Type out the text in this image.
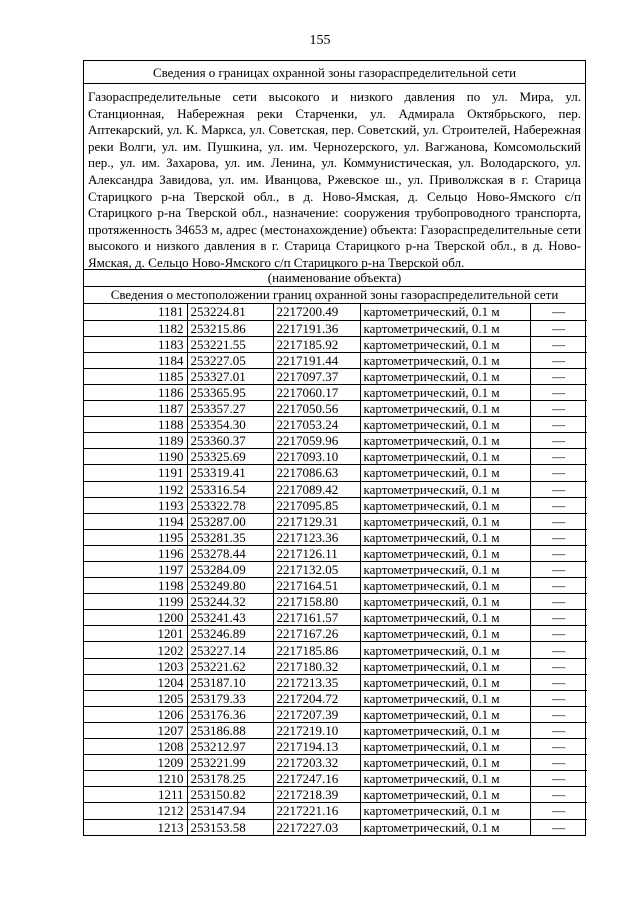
155
Сведения о границах охранной зоны газораспределительной сети
Газораспределительные сети высокого и низкого давления по ул. Мира, ул. Станционная, Набережная реки Старченки, ул. Адмирала Октябрьского, пер. Аптекарский, ул. К. Маркса, ул. Советская, пер. Советский, ул. Строителей, Набережная реки Волги, ул. им. Пушкина, ул. им. Черноzерского, ул. Вагжанова, Комсомольский пер., ул. им. Захарова, ул. им. Ленина, ул. Коммунистическая, ул. Володарского, ул. Александра Завидова, ул. им. Иванцова, Ржевское ш., ул. Приволжская в г. Старица Старицкого р-на Тверской обл., в д. Ново-Ямская, д. Сельцо Ново-Ямского с/п Старицкого р-на Тверской обл., назначение: сооружения трубопроводного транспорта, протяженность 34653 м, адрес (местонахождение) объекта: Газораспределительные сети высокого и низкого давления в г. Старица Старицкого р-на Тверской обл., в д. Ново-Ямская, д. Сельцо Ново-Ямского с/п Старицкого р-на Тверской обл.
(наименование объекта)
Сведения о местоположении границ охранной зоны газораспределительной сети
1181	253224.81	2217200.49	картометрический, 0.1 м	—
1182	253215.86	2217191.36	картометрический, 0.1 м	—
1183	253221.55	2217185.92	картометрический, 0.1 м	—
1184	253227.05	2217191.44	картометрический, 0.1 м	—
1185	253327.01	2217097.37	картометрический, 0.1 м	—
1186	253365.95	2217060.17	картометрический, 0.1 м	—
1187	253357.27	2217050.56	картометрический, 0.1 м	—
1188	253354.30	2217053.24	картометрический, 0.1 м	—
1189	253360.37	2217059.96	картометрический, 0.1 м	—
1190	253325.69	2217093.10	картометрический, 0.1 м	—
1191	253319.41	2217086.63	картометрический, 0.1 м	—
1192	253316.54	2217089.42	картометрический, 0.1 м	—
1193	253322.78	2217095.85	картометрический, 0.1 м	—
1194	253287.00	2217129.31	картометрический, 0.1 м	—
1195	253281.35	2217123.36	картометрический, 0.1 м	—
1196	253278.44	2217126.11	картометрический, 0.1 м	—
1197	253284.09	2217132.05	картометрический, 0.1 м	—
1198	253249.80	2217164.51	картометрический, 0.1 м	—
1199	253244.32	2217158.80	картометрический, 0.1 м	—
1200	253241.43	2217161.57	картометрический, 0.1 м	—
1201	253246.89	2217167.26	картометрический, 0.1 м	—
1202	253227.14	2217185.86	картометрический, 0.1 м	—
1203	253221.62	2217180.32	картометрический, 0.1 м	—
1204	253187.10	2217213.35	картометрический, 0.1 м	—
1205	253179.33	2217204.72	картометрический, 0.1 м	—
1206	253176.36	2217207.39	картометрический, 0.1 м	—
1207	253186.88	2217219.10	картометрический, 0.1 м	—
1208	253212.97	2217194.13	картометрический, 0.1 м	—
1209	253221.99	2217203.32	картометрический, 0.1 м	—
1210	253178.25	2217247.16	картометрический, 0.1 м	—
1211	253150.82	2217218.39	картометрический, 0.1 м	—
1212	253147.94	2217221.16	картометрический, 0.1 м	—
1213	253153.58	2217227.03	картометрический, 0.1 м	—
